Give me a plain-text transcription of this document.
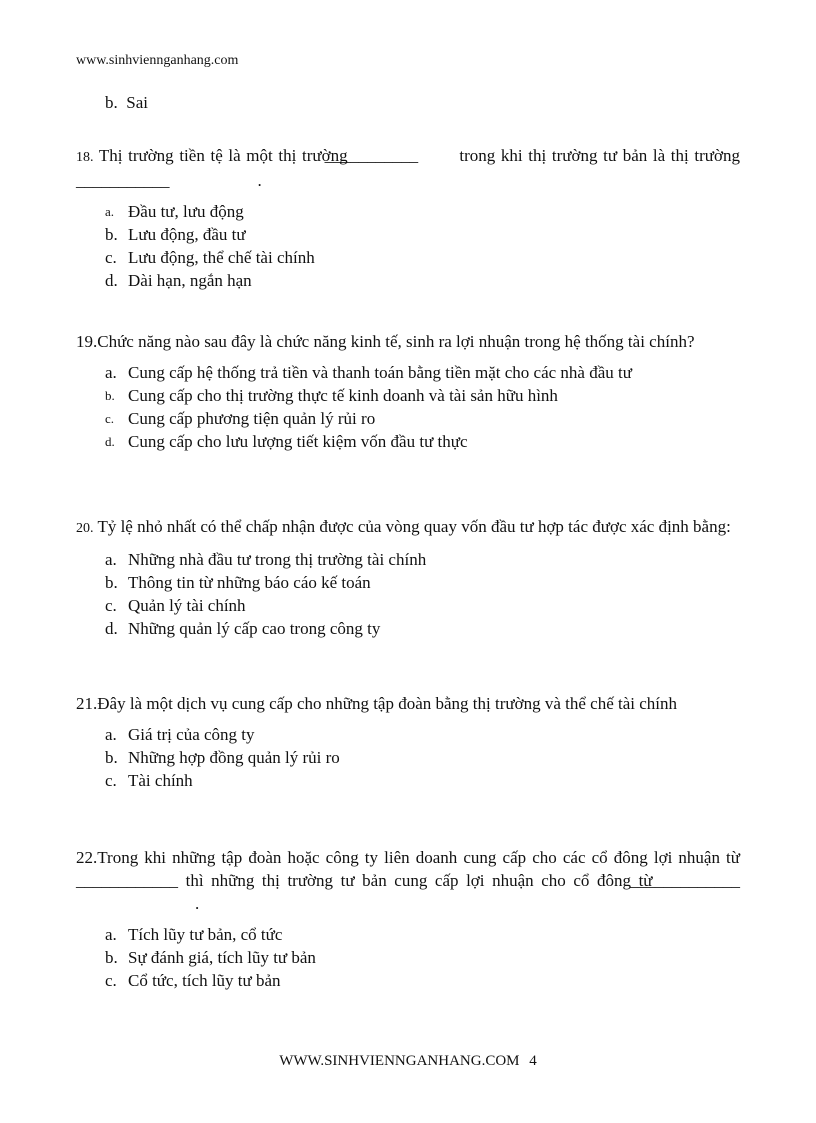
www.sinhviennganhang.com
b. Sai
18. Thị trường tiền tệ là một thị trường___________ trong khi thị trường tư bản là thị trường ___________	.
a. Đầu tư, lưu động
b. Lưu động, đầu tư
c. Lưu động, thể chế tài chính
d. Dài hạn, ngắn hạn
19.Chức năng nào sau đây là chức năng kinh tế, sinh ra lợi nhuận trong hệ thống tài chính?
a. Cung cấp hệ thống trả tiền và thanh toán bằng tiền mặt cho các nhà đầu tư
b. Cung cấp cho thị trường thực tế kinh doanh và tài sản hữu hình
c. Cung cấp phương tiện quản lý rủi ro
d. Cung cấp cho lưu lượng tiết kiệm vốn đầu tư thực
20. Tỷ lệ nhỏ nhất có thể chấp nhận được của vòng quay vốn đầu tư hợp tác được xác định bằng:
a. Những nhà đầu tư trong thị trường tài chính
b. Thông tin từ những báo cáo kế toán
c. Quản lý tài chính
d. Những quản lý cấp cao trong công ty
21.Đây là một dịch vụ cung cấp cho những tập đoàn bằng thị trường và thể chế tài chính
a. Giá trị của công ty
b. Những hợp đồng quản lý rủi ro
c. Tài chính
22.Trong khi những tập đoàn hoặc công ty liên doanh cung cấp cho các cổ đông lợi nhuận từ____________ thì những thị trường tư bản cung cấp lợi nhuận cho cổ đông từ_____________.
a. Tích lũy tư bản, cổ tức
b. Sự đánh giá, tích lũy tư bản
c. Cổ tức, tích lũy tư bản
WWW.SINHVIENNGANHANG.COM 4
